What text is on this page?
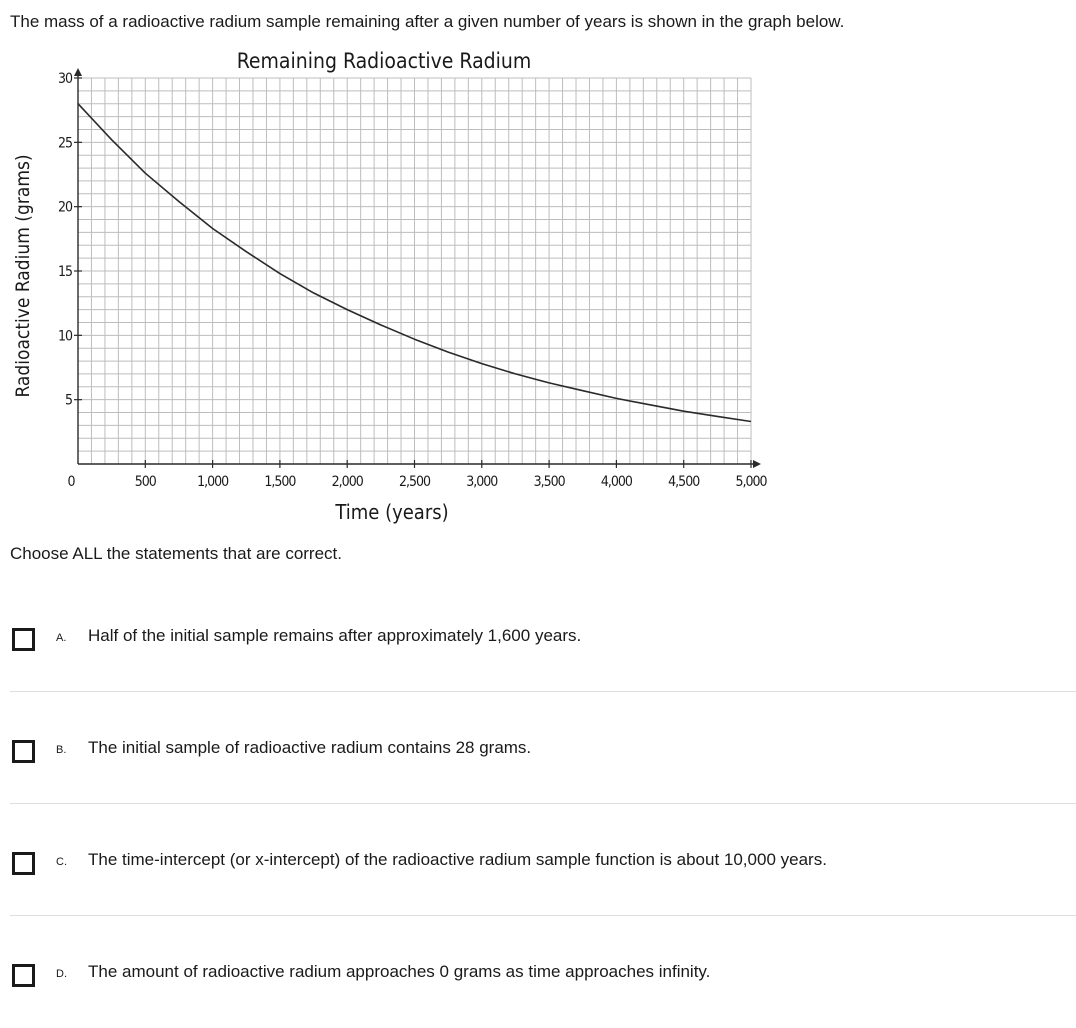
The mass of a radioactive radium sample remaining after a given number of years is shown in the graph below.
0	500	1,000	1,500	2,000	2,500	3,000	3,500	4,000	4,500	5,000
5
10
15
20
25
30
Remaining Radioactive Radium
Time (years)
Radioactive Radium (grams)
Choose ALL the statements that are correct.
A. Half of the initial sample remains after approximately 1,600 years.
B. The initial sample of radioactive radium contains 28 grams.
C. The time-intercept (or x-intercept) of the radioactive radium sample function is about 10,000 years.
D. The amount of radioactive radium approaches 0 grams as time approaches infinity.
